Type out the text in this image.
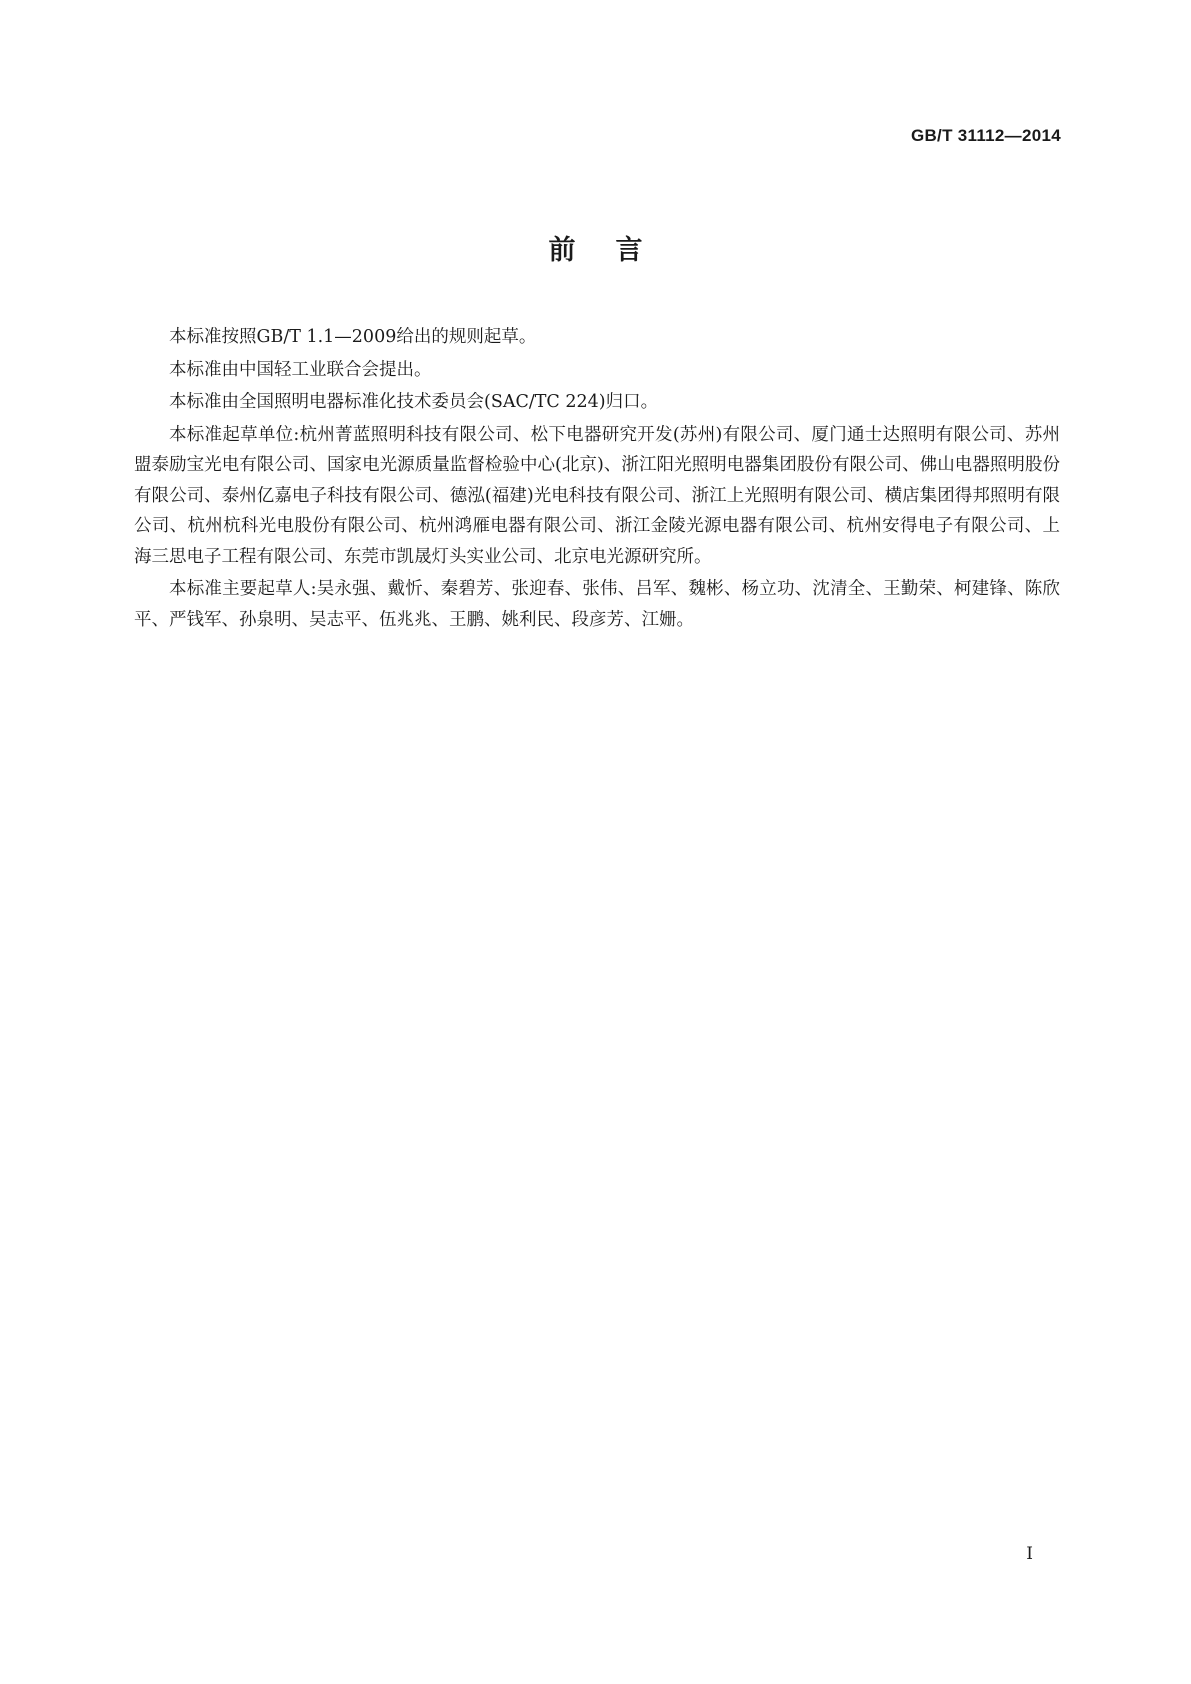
GB/T 31112—2014
前言

本标准按照GB/T 1.1—2009给出的规则起草。

本标准由中国轻工业联合会提出。

本标准由全国照明电器标准化技术委员会(SAC/TC 224)归口。

本标准起草单位:杭州菁蓝照明科技有限公司、松下电器研究开发(苏州)有限公司、厦门通士达照明有限公司、苏州盟泰励宝光电有限公司、国家电光源质量监督检验中心(北京)、浙江阳光照明电器集团股份有限公司、佛山电器照明股份有限公司、泰州亿嘉电子科技有限公司、德泓(福建)光电科技有限公司、浙江上光照明有限公司、横店集团得邦照明有限公司、杭州杭科光电股份有限公司、杭州鸿雁电器有限公司、浙江金陵光源电器有限公司、杭州安得电子有限公司、上海三思电子工程有限公司、东莞市凯晟灯头实业公司、北京电光源研究所。

本标准主要起草人:吴永强、戴忻、秦碧芳、张迎春、张伟、吕军、魏彬、杨立功、沈清全、王勤荣、柯建锋、陈欣平、严钱军、孙泉明、吴志平、伍兆兆、王鹏、姚利民、段彦芳、江姗。

I
